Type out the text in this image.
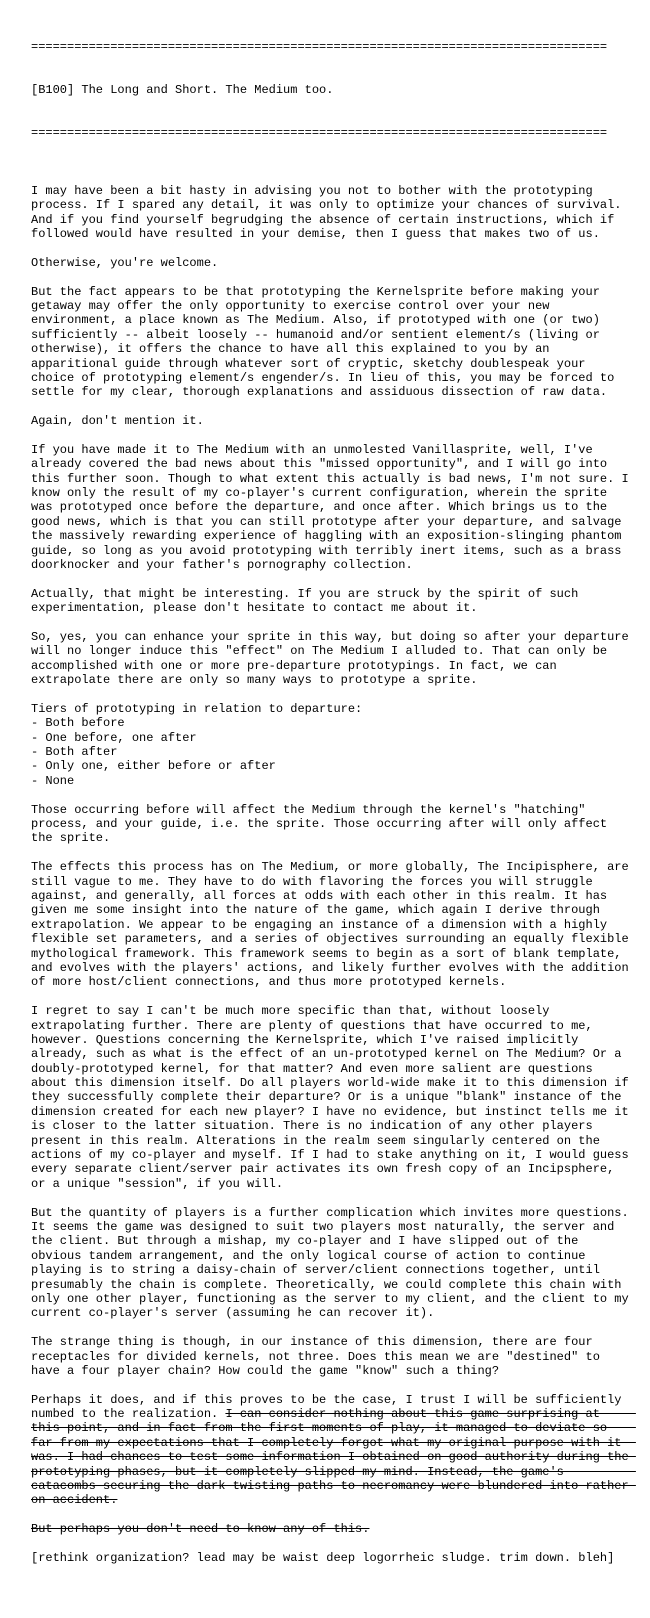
================================================================================

[B100] The Long and Short. The Medium too.

================================================================================

I may have been a bit hasty in advising you not to bother with the prototyping
process. If I spared any detail, it was only to optimize your chances of survival.
And if you find yourself begrudging the absence of certain instructions, which if
followed would have resulted in your demise, then I guess that makes two of us.
Otherwise, you're welcome.
But the fact appears to be that prototyping the Kernelsprite before making your
getaway may offer the only opportunity to exercise control over your new
environment, a place known as The Medium. Also, if prototyped with one (or two)
sufficiently -- albeit loosely -- humanoid and/or sentient element/s (living or
otherwise), it offers the chance to have all this explained to you by an
apparitional guide through whatever sort of cryptic, sketchy doublespeak your
choice of prototyping element/s engender/s. In lieu of this, you may be forced to
settle for my clear, thorough explanations and assiduous dissection of raw data.
Again, don't mention it.
If you have made it to The Medium with an unmolested Vanillasprite, well, I've
already covered the bad news about this "missed opportunity", and I will go into
this further soon. Though to what extent this actually is bad news, I'm not sure. I
know only the result of my co-player's current configuration, wherein the sprite
was prototyped once before the departure, and once after. Which brings us to the
good news, which is that you can still prototype after your departure, and salvage
the massively rewarding experience of haggling with an exposition-slinging phantom
guide, so long as you avoid prototyping with terribly inert items, such as a brass
doorknocker and your father's pornography collection.
Actually, that might be interesting. If you are struck by the spirit of such
experimentation, please don't hesitate to contact me about it.
So, yes, you can enhance your sprite in this way, but doing so after your departure
will no longer induce this "effect" on The Medium I alluded to. That can only be
accomplished with one or more pre-departure prototypings. In fact, we can
extrapolate there are only so many ways to prototype a sprite.
Tiers of prototyping in relation to departure:
- Both before
- One before, one after
- Both after
- Only one, either before or after
- None
Those occurring before will affect the Medium through the kernel's "hatching"
process, and your guide, i.e. the sprite. Those occurring after will only affect
the sprite.
The effects this process has on The Medium, or more globally, The Incipisphere, are
still vague to me. They have to do with flavoring the forces you will struggle
against, and generally, all forces at odds with each other in this realm. It has
given me some insight into the nature of the game, which again I derive through
extrapolation. We appear to be engaging an instance of a dimension with a highly
flexible set parameters, and a series of objectives surrounding an equally flexible
mythological framework. This framework seems to begin as a sort of blank template,
and evolves with the players' actions, and likely further evolves with the addition
of more host/client connections, and thus more prototyped kernels.
I regret to say I can't be much more specific than that, without loosely
extrapolating further. There are plenty of questions that have occurred to me,
however. Questions concerning the Kernelsprite, which I've raised implicitly
already, such as what is the effect of an un-prototyped kernel on The Medium? Or a
doubly-prototyped kernel, for that matter? And even more salient are questions
about this dimension itself. Do all players world-wide make it to this dimension if
they successfully complete their departure? Or is a unique "blank" instance of the
dimension created for each new player? I have no evidence, but instinct tells me it
is closer to the latter situation. There is no indication of any other players
present in this realm. Alterations in the realm seem singularly centered on the
actions of my co-player and myself. If I had to stake anything on it, I would guess
every separate client/server pair activates its own fresh copy of an Incipsphere,
or a unique "session", if you will.
But the quantity of players is a further complication which invites more questions.
It seems the game was designed to suit two players most naturally, the server and
the client. But through a mishap, my co-player and I have slipped out of the
obvious tandem arrangement, and the only logical course of action to continue
playing is to string a daisy-chain of server/client connections together, until
presumably the chain is complete. Theoretically, we could complete this chain with
only one other player, functioning as the server to my client, and the client to my
current co-player's server (assuming he can recover it).
The strange thing is though, in our instance of this dimension, there are four
receptacles for divided kernels, not three. Does this mean we are "destined" to
have a four player chain? How could the game "know" such a thing?
Perhaps it does, and if this proves to be the case, I trust I will be sufficiently
numbed to the realization. I can consider nothing about this game surprising at
this point, and in fact from the first moments of play, it managed to deviate so
far from my expectations that I completely forgot what my original purpose with it
was. I had chances to test some information I obtained on good authority during the
prototyping phases, but it completely slipped my mind. Instead, the game's
catacombs securing the dark twisting paths to necromancy were blundered into rather
on accident.
But perhaps you don't need to know any of this.
[rethink organization? lead may be waist deep logorrheic sludge. trim down. bleh]
